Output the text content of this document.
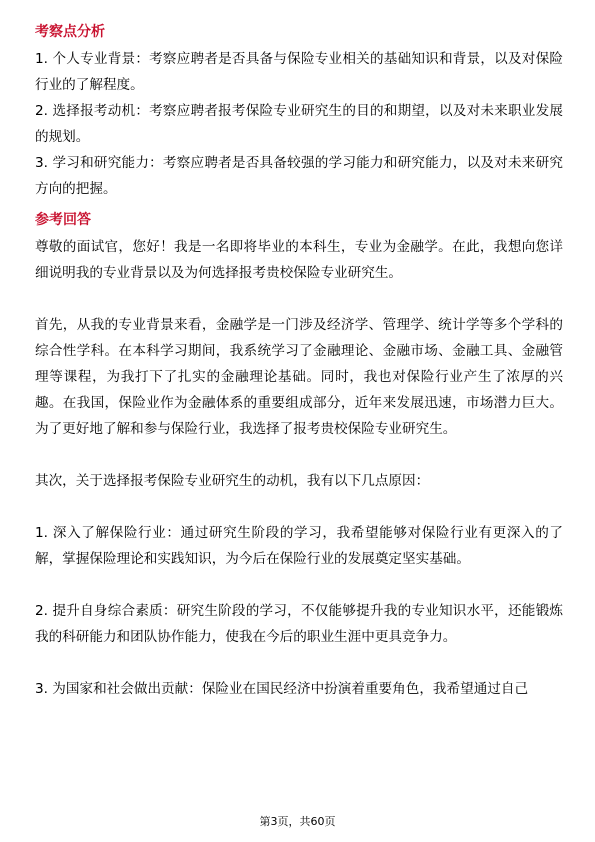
考察点分析

1. 个人专业背景：考察应聘者是否具备与保险专业相关的基础知识和背景，以及对保险行业的了解程度。

2. 选择报考动机：考察应聘者报考保险专业研究生的目的和期望，以及对未来职业发展的规划。

3. 学习和研究能力：考察应聘者是否具备较强的学习能力和研究能力，以及对未来研究方向的把握。

参考回答

尊敬的面试官，您好！我是一名即将毕业的本科生，专业为金融学。在此，我想向您详细说明我的专业背景以及为何选择报考贵校保险专业研究生。

首先，从我的专业背景来看，金融学是一门涉及经济学、管理学、统计学等多个学科的综合性学科。在本科学习期间，我系统学习了金融理论、金融市场、金融工具、金融管理等课程，为我打下了扎实的金融理论基础。同时，我也对保险行业产生了浓厚的兴趣。在我国，保险业作为金融体系的重要组成部分，近年来发展迅速，市场潜力巨大。为了更好地了解和参与保险行业，我选择了报考贵校保险专业研究生。

其次，关于选择报考保险专业研究生的动机，我有以下几点原因：

1. 深入了解保险行业：通过研究生阶段的学习，我希望能够对保险行业有更深入的了解，掌握保险理论和实践知识，为今后在保险行业的发展奠定坚实基础。

2. 提升自身综合素质：研究生阶段的学习，不仅能够提升我的专业知识水平，还能锻炼我的科研能力和团队协作能力，使我在今后的职业生涯中更具竞争力。

3. 为国家和社会做出贡献：保险业在国民经济中扮演着重要角色，我希望通过自己

第3页，共60页
